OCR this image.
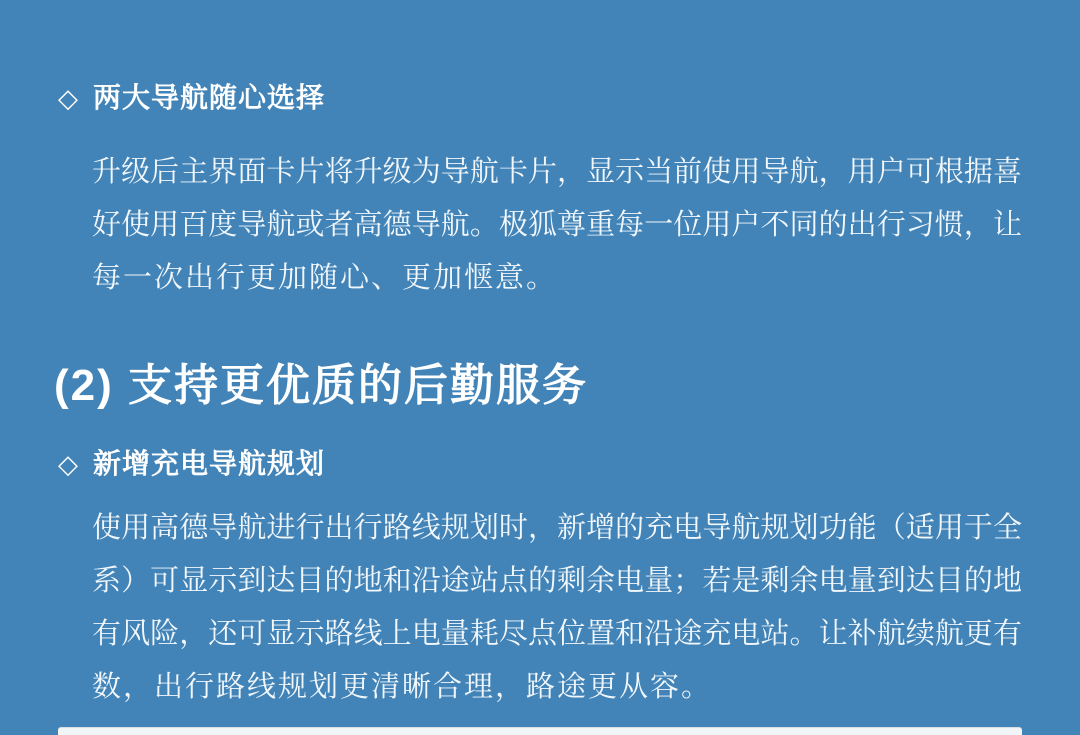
◇ 两大导航随心选择
升级后主界面卡片将升级为导航卡片，显示当前使用导航，用户可根据喜
好使用百度导航或者高德导航。极狐尊重每一位用户不同的出行习惯，让
每一次出行更加随心、更加惬意。
(2) 支持更优质的后勤服务
◇ 新增充电导航规划
使用高德导航进行出行路线规划时，新增的充电导航规划功能（适用于全
系）可显示到达目的地和沿途站点的剩余电量；若是剩余电量到达目的地
有风险，还可显示路线上电量耗尽点位置和沿途充电站。让补航续航更有
数，出行路线规划更清晰合理，路途更从容。
